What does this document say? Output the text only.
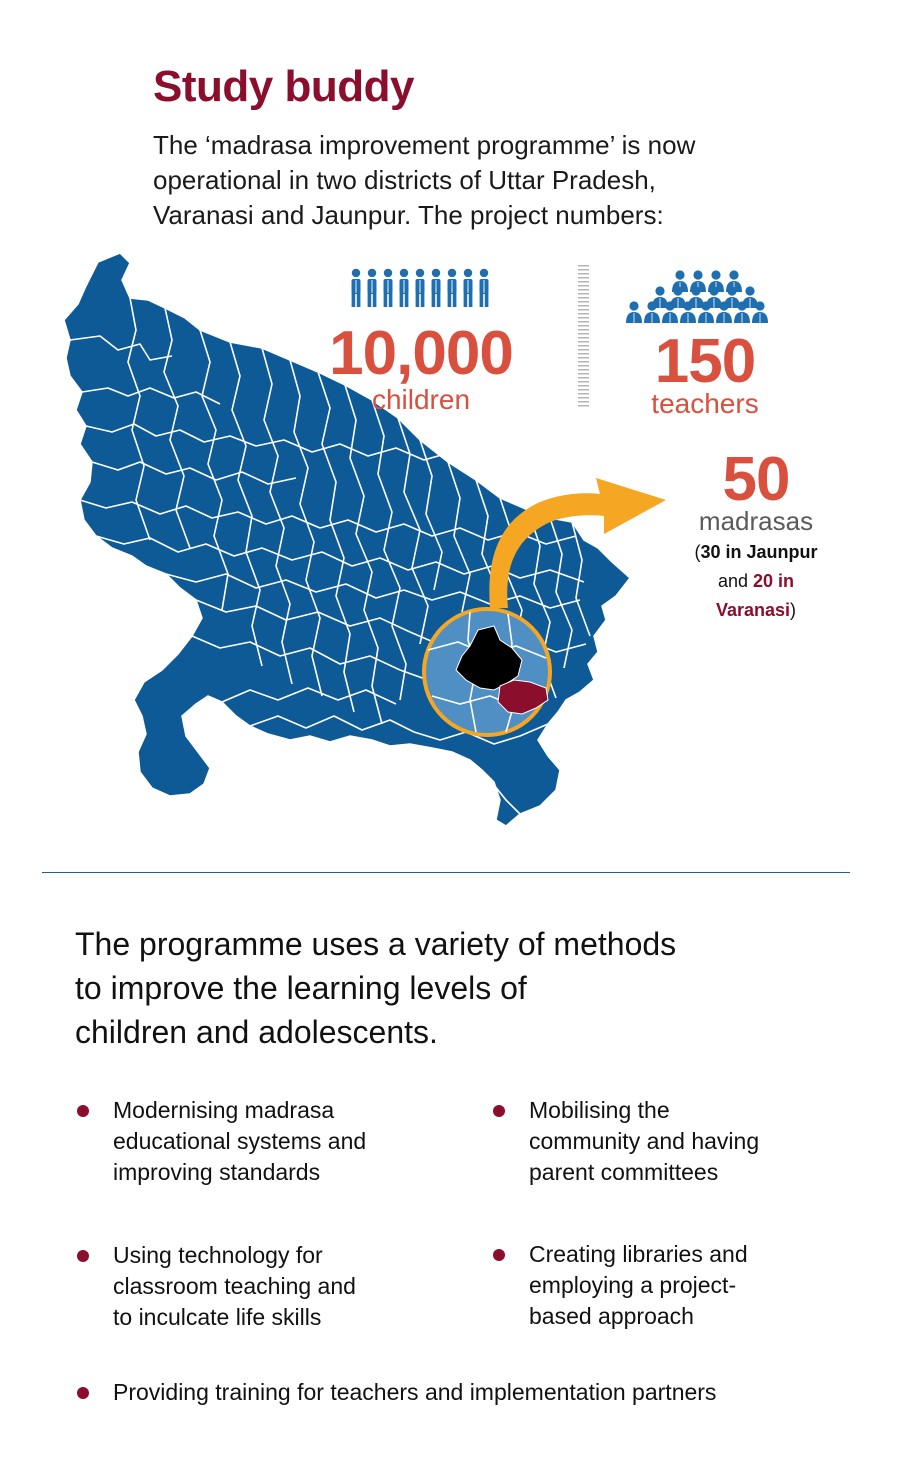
Study buddy
The ‘madrasa improvement programme’ is now
operational in two districts of Uttar Pradesh,
Varanasi and Jaunpur. The project numbers:
10,000
children
150
teachers
50
madrasas
(30 in Jaunpur
and 20 in
Varanasi)
The programme uses a variety of methods
to improve the learning levels of
children and adolescents.
Modernising madrasa
educational systems and
improving standards
Mobilising the
community and having
parent committees
Using technology for
classroom teaching and
to inculcate life skills
Creating libraries and
employing a project-
based approach
Providing training for teachers and implementation partners
